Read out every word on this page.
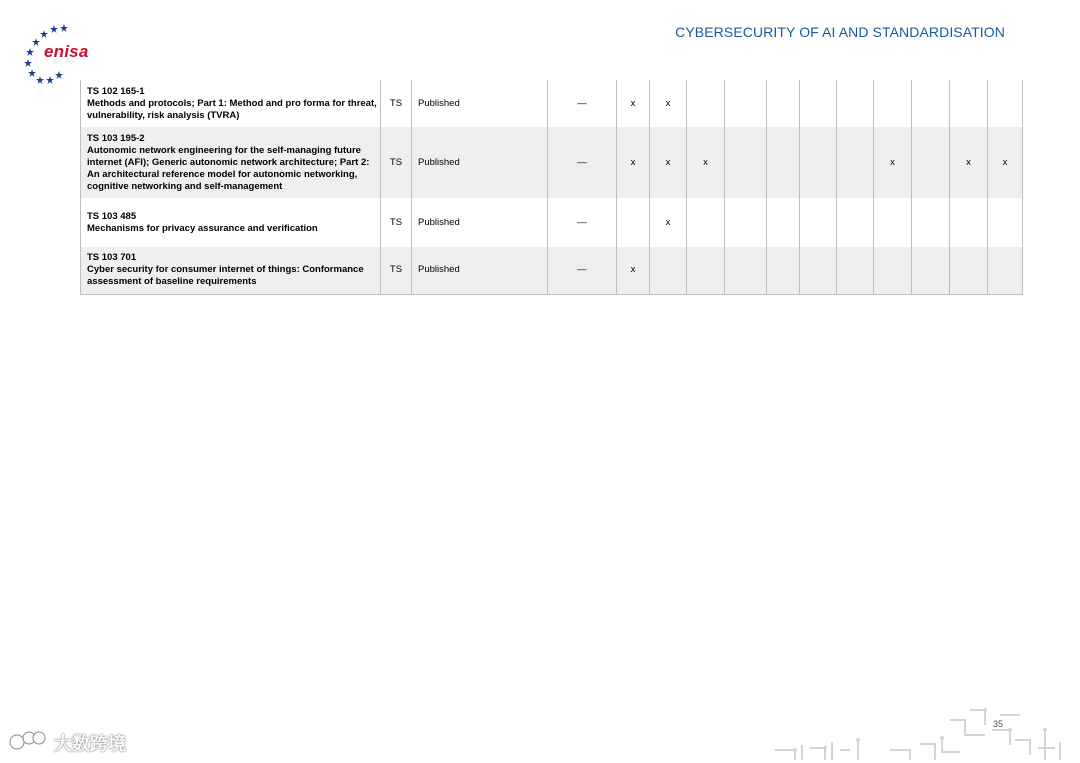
enisa
CYBERSECURITY OF AI AND STANDARDISATION
TS 102 165-1
Methods and protocols; Part 1: Method and pro forma for threat, vulnerability, risk analysis (TVRA)	TS	Published	—	x	x									

TS 103 195-2
Autonomic network engineering for the self-managing future internet (AFI); Generic autonomic network architecture; Part 2: An architectural reference model for autonomic networking, cognitive networking and self-management	TS	Published	—	x	x	x					x		x	x

TS 103 485
Mechanisms for privacy assurance and verification	TS	Published	—		x									

TS 103 701
Cyber security for consumer internet of things: Conformance assessment of baseline requirements	TS	Published	—	x										
35
大数跨境
